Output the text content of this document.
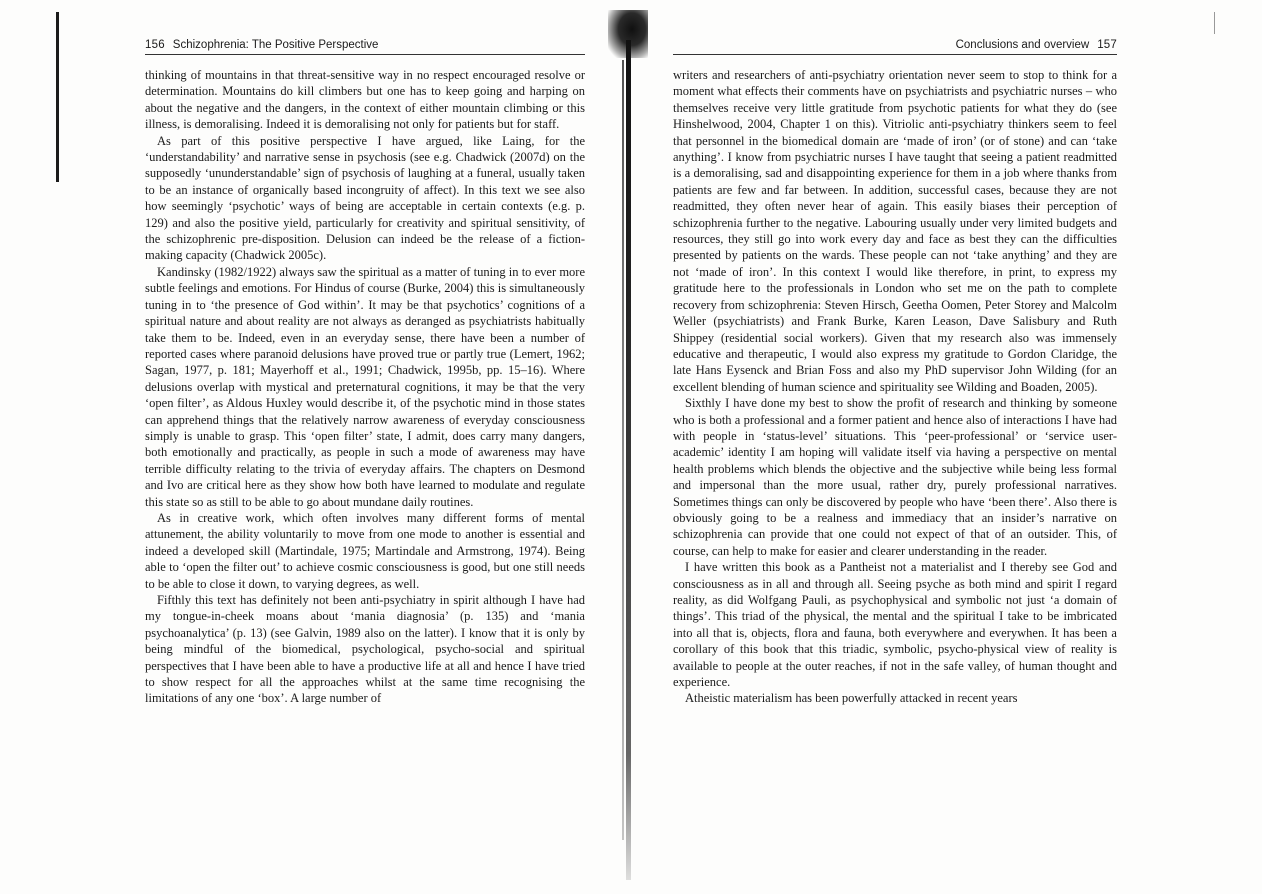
156 Schizophrenia: The Positive Perspective

thinking of mountains in that threat-sensitive way in no respect encouraged resolve or determination. Mountains do kill climbers but one has to keep going and harping on about the negative and the dangers, in the context of either mountain climbing or this illness, is demoralising. Indeed it is demoralising not only for patients but for staff.

As part of this positive perspective I have argued, like Laing, for the ‘understandability’ and narrative sense in psychosis (see e.g. Chadwick (2007d) on the supposedly ‘ununderstandable’ sign of psychosis of laughing at a funeral, usually taken to be an instance of organically based incongruity of affect). In this text we see also how seemingly ‘psychotic’ ways of being are acceptable in certain contexts (e.g. p. 129) and also the positive yield, particularly for creativity and spiritual sensitivity, of the schizophrenic pre-disposition. Delusion can indeed be the release of a fiction-making capacity (Chadwick 2005c).

Kandinsky (1982/1922) always saw the spiritual as a matter of tuning in to ever more subtle feelings and emotions. For Hindus of course (Burke, 2004) this is simultaneously tuning in to ‘the presence of God within’. It may be that psychotics’ cognitions of a spiritual nature and about reality are not always as deranged as psychiatrists habitually take them to be. Indeed, even in an everyday sense, there have been a number of reported cases where paranoid delusions have proved true or partly true (Lemert, 1962; Sagan, 1977, p. 181; Mayerhoff et al., 1991; Chadwick, 1995b, pp. 15–16). Where delusions overlap with mystical and preternatural cognitions, it may be that the very ‘open filter’, as Aldous Huxley would describe it, of the psychotic mind in those states can apprehend things that the relatively narrow awareness of everyday consciousness simply is unable to grasp. This ‘open filter’ state, I admit, does carry many dangers, both emotionally and practically, as people in such a mode of awareness may have terrible difficulty relating to the trivia of everyday affairs. The chapters on Desmond and Ivo are critical here as they show how both have learned to modulate and regulate this state so as still to be able to go about mundane daily routines.

As in creative work, which often involves many different forms of mental attunement, the ability voluntarily to move from one mode to another is essential and indeed a developed skill (Martindale, 1975; Martindale and Armstrong, 1974). Being able to ‘open the filter out’ to achieve cosmic consciousness is good, but one still needs to be able to close it down, to varying degrees, as well.

Fifthly this text has definitely not been anti-psychiatry in spirit although I have had my tongue-in-cheek moans about ‘mania diagnosia’ (p. 135) and ‘mania psychoanalytica’ (p. 13) (see Galvin, 1989 also on the latter). I know that it is only by being mindful of the biomedical, psychological, psycho-social and spiritual perspectives that I have been able to have a productive life at all and hence I have tried to show respect for all the approaches whilst at the same time recognising the limitations of any one ‘box’. A large number of

Conclusions and overview 157

writers and researchers of anti-psychiatry orientation never seem to stop to think for a moment what effects their comments have on psychiatrists and psychiatric nurses – who themselves receive very little gratitude from psychotic patients for what they do (see Hinshelwood, 2004, Chapter 1 on this). Vitriolic anti-psychiatry thinkers seem to feel that personnel in the biomedical domain are ‘made of iron’ (or of stone) and can ‘take anything’. I know from psychiatric nurses I have taught that seeing a patient readmitted is a demoralising, sad and disappointing experience for them in a job where thanks from patients are few and far between. In addition, successful cases, because they are not readmitted, they often never hear of again. This easily biases their perception of schizophrenia further to the negative. Labouring usually under very limited budgets and resources, they still go into work every day and face as best they can the difficulties presented by patients on the wards. These people can not ‘take anything’ and they are not ‘made of iron’. In this context I would like therefore, in print, to express my gratitude here to the professionals in London who set me on the path to complete recovery from schizophrenia: Steven Hirsch, Geetha Oomen, Peter Storey and Malcolm Weller (psychiatrists) and Frank Burke, Karen Leason, Dave Salisbury and Ruth Shippey (residential social workers). Given that my research also was immensely educative and therapeutic, I would also express my gratitude to Gordon Claridge, the late Hans Eysenck and Brian Foss and also my PhD supervisor John Wilding (for an excellent blending of human science and spirituality see Wilding and Boaden, 2005).

Sixthly I have done my best to show the profit of research and thinking by someone who is both a professional and a former patient and hence also of interactions I have had with people in ‘status-level’ situations. This ‘peer-professional’ or ‘service user-academic’ identity I am hoping will validate itself via having a perspective on mental health problems which blends the objective and the subjective while being less formal and impersonal than the more usual, rather dry, purely professional narratives. Sometimes things can only be discovered by people who have ‘been there’. Also there is obviously going to be a realness and immediacy that an insider’s narrative on schizophrenia can provide that one could not expect of that of an outsider. This, of course, can help to make for easier and clearer understanding in the reader.

I have written this book as a Pantheist not a materialist and I thereby see God and consciousness as in all and through all. Seeing psyche as both mind and spirit I regard reality, as did Wolfgang Pauli, as psychophysical and symbolic not just ‘a domain of things’. This triad of the physical, the mental and the spiritual I take to be imbricated into all that is, objects, flora and fauna, both everywhere and everywhen. It has been a corollary of this book that this triadic, symbolic, psycho-physical view of reality is available to people at the outer reaches, if not in the safe valley, of human thought and experience.

Atheistic materialism has been powerfully attacked in recent years
